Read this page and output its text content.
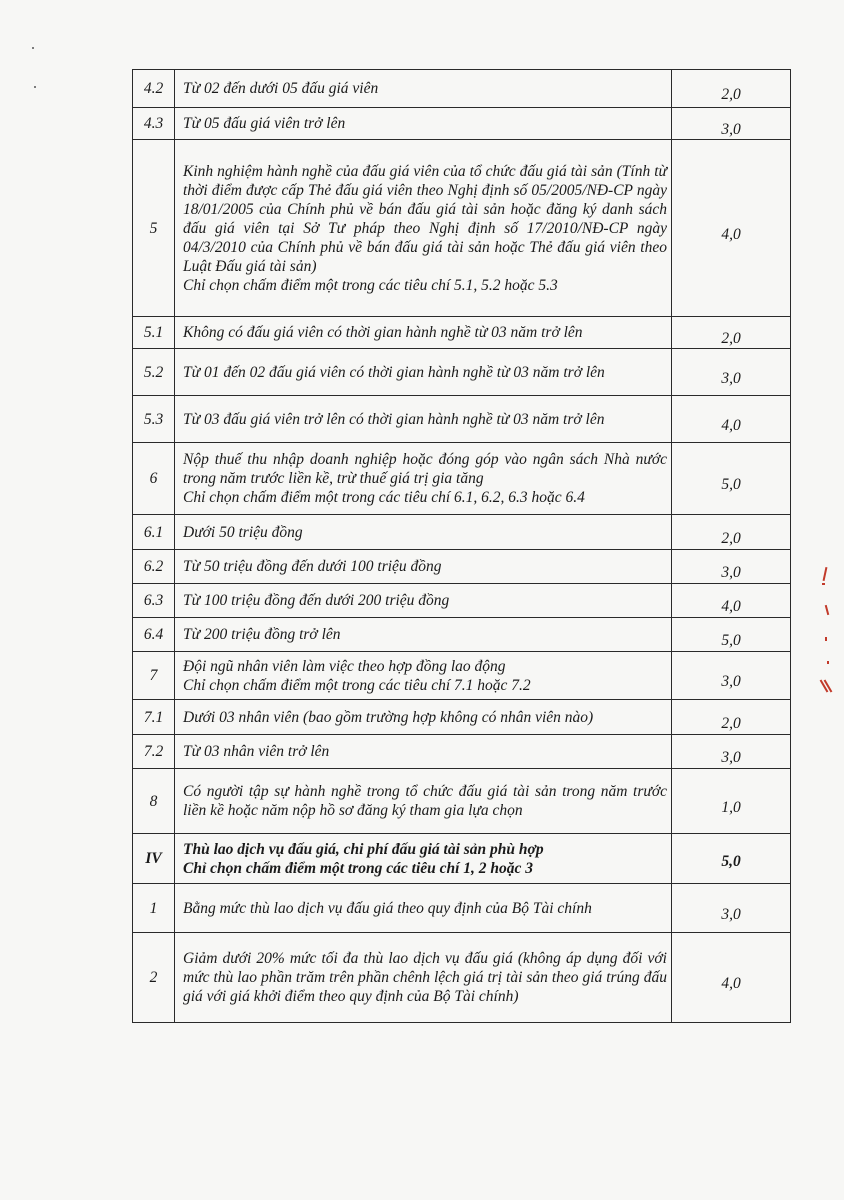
4.2	Từ 02 đến dưới 05 đấu giá viên	2,0
4.3	Từ 05 đấu giá viên trở lên	3,0
5	Kinh nghiệm hành nghề của đấu giá viên của tổ chức đấu giá tài sản (Tính từ thời điểm được cấp Thẻ đấu giá viên theo Nghị định số 05/2005/NĐ-CP ngày 18/01/2005 của Chính phủ về bán đấu giá tài sản hoặc đăng ký danh sách đấu giá viên tại Sở Tư pháp theo Nghị định số 17/2010/NĐ-CP ngày 04/3/2010 của Chính phủ về bán đấu giá tài sản hoặc Thẻ đấu giá viên theo Luật Đấu giá tài sản)
Chỉ chọn chấm điểm một trong các tiêu chí 5.1, 5.2 hoặc 5.3	4,0
5.1	Không có đấu giá viên có thời gian hành nghề từ 03 năm trở lên	2,0
5.2	Từ 01 đến 02 đấu giá viên có thời gian hành nghề từ 03 năm trở lên	3,0
5.3	Từ 03 đấu giá viên trở lên có thời gian hành nghề từ 03 năm trở lên	4,0
6	Nộp thuế thu nhập doanh nghiệp hoặc đóng góp vào ngân sách Nhà nước trong năm trước liền kề, trừ thuế giá trị gia tăng
Chỉ chọn chấm điểm một trong các tiêu chí 6.1, 6.2, 6.3 hoặc 6.4	5,0
6.1	Dưới 50 triệu đồng	2,0
6.2	Từ 50 triệu đồng đến dưới 100 triệu đồng	3,0
6.3	Từ 100 triệu đồng đến dưới 200 triệu đồng	4,0
6.4	Từ 200 triệu đồng trở lên	5,0
7	Đội ngũ nhân viên làm việc theo hợp đồng lao động
Chỉ chọn chấm điểm một trong các tiêu chí 7.1 hoặc 7.2	3,0
7.1	Dưới 03 nhân viên (bao gồm trường hợp không có nhân viên nào)	2,0
7.2	Từ 03 nhân viên trở lên	3,0
8	Có người tập sự hành nghề trong tổ chức đấu giá tài sản trong năm trước liền kề hoặc năm nộp hồ sơ đăng ký tham gia lựa chọn	1,0
IV	Thù lao dịch vụ đấu giá, chi phí đấu giá tài sản phù hợp
Chỉ chọn chấm điểm một trong các tiêu chí 1, 2 hoặc 3	5,0
1	Bằng mức thù lao dịch vụ đấu giá theo quy định của Bộ Tài chính	3,0
2	Giảm dưới 20% mức tối đa thù lao dịch vụ đấu giá (không áp dụng đối với mức thù lao phần trăm trên phần chênh lệch giá trị tài sản theo giá trúng đấu giá với giá khởi điểm theo quy định của Bộ Tài chính)	4,0
